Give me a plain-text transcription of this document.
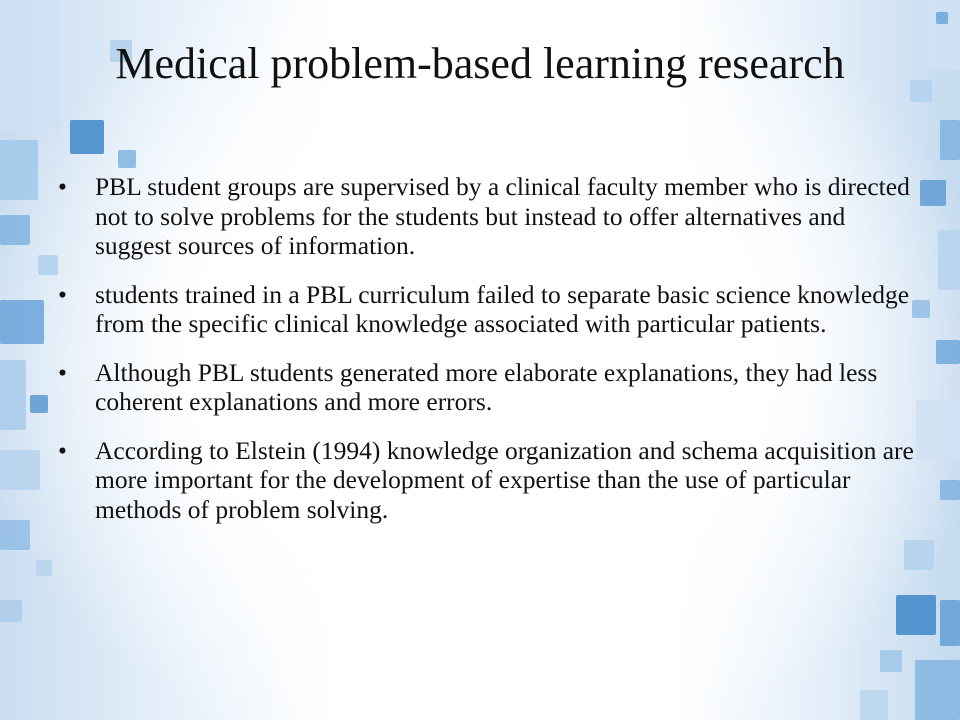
Medical problem-based learning research
• PBL student groups are supervised by a clinical faculty member who is directed not to solve problems for the students but instead to offer alternatives and suggest sources of information.
• students trained in a PBL curriculum failed to separate basic science knowledge from the specific clinical knowledge associated with particular patients.
• Although PBL students generated more elaborate explanations, they had less coherent explanations and more errors.
• According to Elstein (1994) knowledge organization and schema acquisition are more important for the development of expertise than the use of particular methods of problem solving.
